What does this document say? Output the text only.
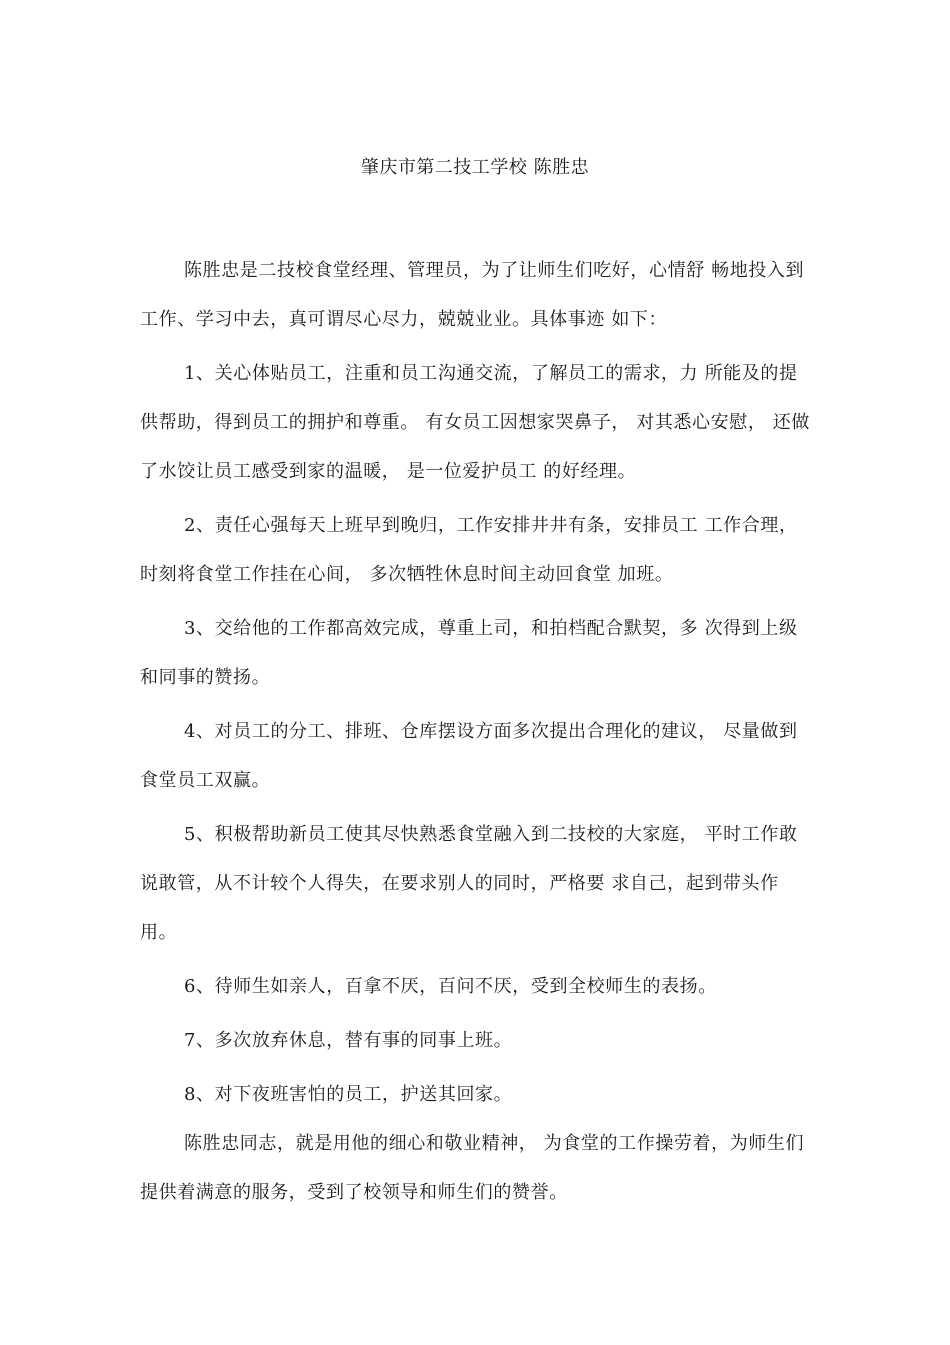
肇庆市第二技工学校 陈胜忠

陈胜忠是二技校食堂经理、管理员，为了让师生们吃好，心情舒 畅地投入到工作、学习中去，真可谓尽心尽力，兢兢业业。具体事迹 如下：

1、关心体贴员工，注重和员工沟通交流，了解员工的需求，力 所能及的提供帮助，得到员工的拥护和尊重。 有女员工因想家哭鼻子， 对其悉心安慰， 还做了水饺让员工感受到家的温暖， 是一位爱护员工 的好经理。

2、责任心强每天上班早到晚归，工作安排井井有条，安排员工 工作合理， 时刻将食堂工作挂在心间， 多次牺牲休息时间主动回食堂 加班。

3、交给他的工作都高效完成，尊重上司，和拍档配合默契，多 次得到上级和同事的赞扬。

4、对员工的分工、排班、仓库摆设方面多次提出合理化的建议， 尽量做到食堂员工双赢。

5、积极帮助新员工使其尽快熟悉食堂融入到二技校的大家庭， 平时工作敢说敢管，从不计较个人得失，在要求别人的同时，严格要 求自己，起到带头作用。

6、待师生如亲人，百拿不厌，百问不厌，受到全校师生的表扬。

7、多次放弃休息，替有事的同事上班。

8、对下夜班害怕的员工，护送其回家。

陈胜忠同志，就是用他的细心和敬业精神， 为食堂的工作操劳着，为师生们提供着满意的服务，受到了校领导和师生们的赞誉。
